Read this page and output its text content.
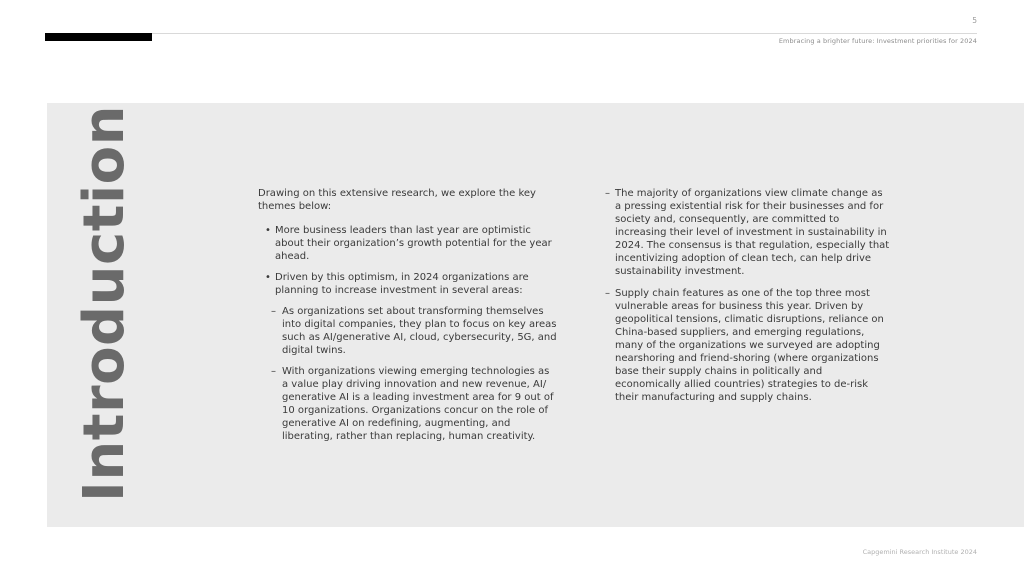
5
Embracing a brighter future: Investment priorities for 2024
Introduction	Drawing on this extensive research, we explore the key themes below:

• More business leaders than last year are optimistic about their organization’s growth potential for the year ahead.

• Driven by this optimism, in 2024 organizations are planning to increase investment in several areas:

– As organizations set about transforming themselves into digital companies, they plan to focus on key areas such as AI/generative AI, cloud, cybersecurity, 5G, and digital twins.

– With organizations viewing emerging technologies as a value play driving innovation and new revenue, AI/ generative AI is a leading investment area for 9 out of 10 organizations. Organizations concur on the role of generative AI on redefining, augmenting, and liberating, rather than replacing, human creativity.

– The majority of organizations view climate change as a pressing existential risk for their businesses and for society and, consequently, are committed to increasing their level of investment in sustainability in 2024. The consensus is that regulation, especially that incentivizing adoption of clean tech, can help drive sustainability investment.

– Supply chain features as one of the top three most vulnerable areas for business this year. Driven by geopolitical tensions, climatic disruptions, reliance on China-based suppliers, and emerging regulations, many of the organizations we surveyed are adopting nearshoring and friend-shoring (where organizations base their supply chains in politically and economically allied countries) strategies to de-risk their manufacturing and supply chains.

Capgemini Research Institute 2024
